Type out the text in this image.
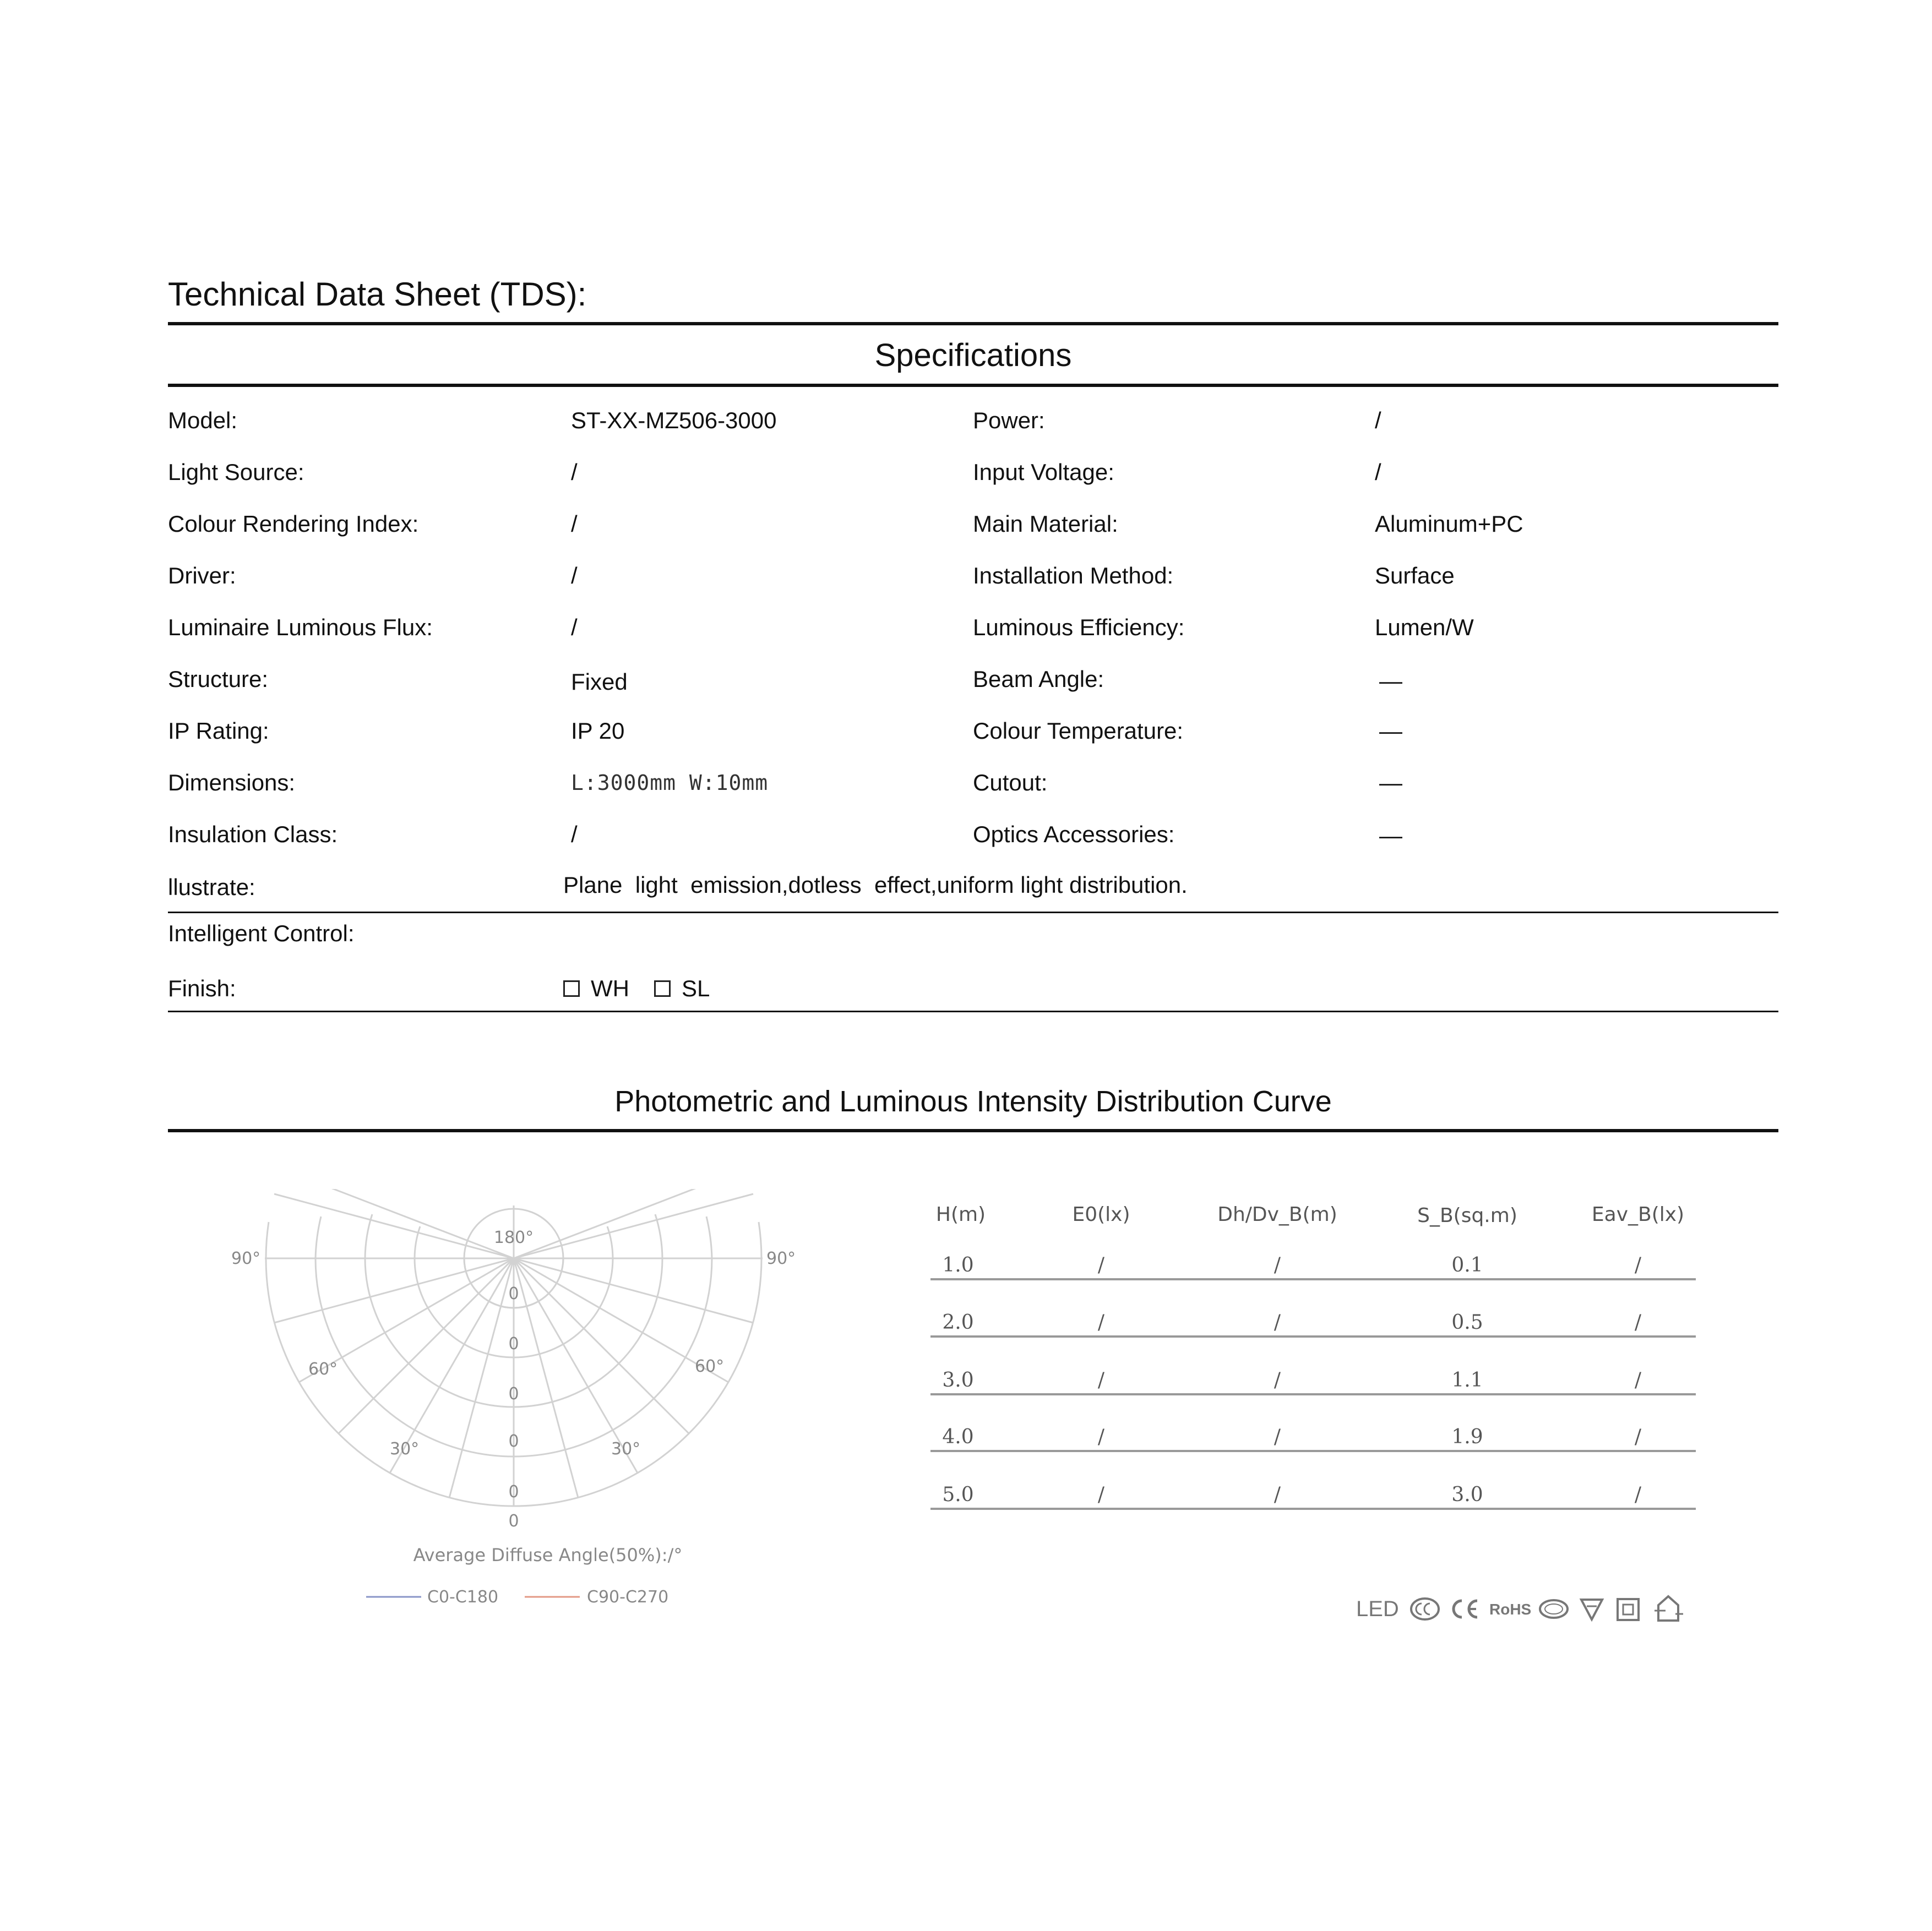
Technical Data Sheet (TDS):
Specifications
Model:	ST-XX-MZ506-3000	Power:	/
Light Source:	/	Input Voltage:	/
Colour Rendering Index:	/	Main Material:	Aluminum+PC
Driver:	/	Installation Method:	Surface
Luminaire Luminous Flux:	/	Luminous Efficiency:	Lumen/W
Structure:	Fixed	Beam Angle:	—
IP Rating:	IP 20	Colour Temperature:	—
Dimensions:	L:3000mm W:10mm	Cutout:	—
Insulation Class:	/	Optics Accessories:	—
llustrate:	Plane  light  emission,dotless  effect,uniform light distribution.
Intelligent Control:
Finish:	WH SL
Photometric and Luminous Intensity Distribution Curve
180°
90°	90°
60°	60°
30°	30°
0
0
0
0
0
0
Average Diffuse Angle(50%):/°
C0-C180	C90-C270
H(m)	E0(lx)	Dh/Dv_B(m)	S_B(sq.m)	Eav_B(lx)
1.0	/	/	0.1	/
2.0	/	/	0.5	/
3.0	/	/	1.1	/
4.0	/	/	1.9	/
5.0	/	/	3.0	/
LED	RoHS
